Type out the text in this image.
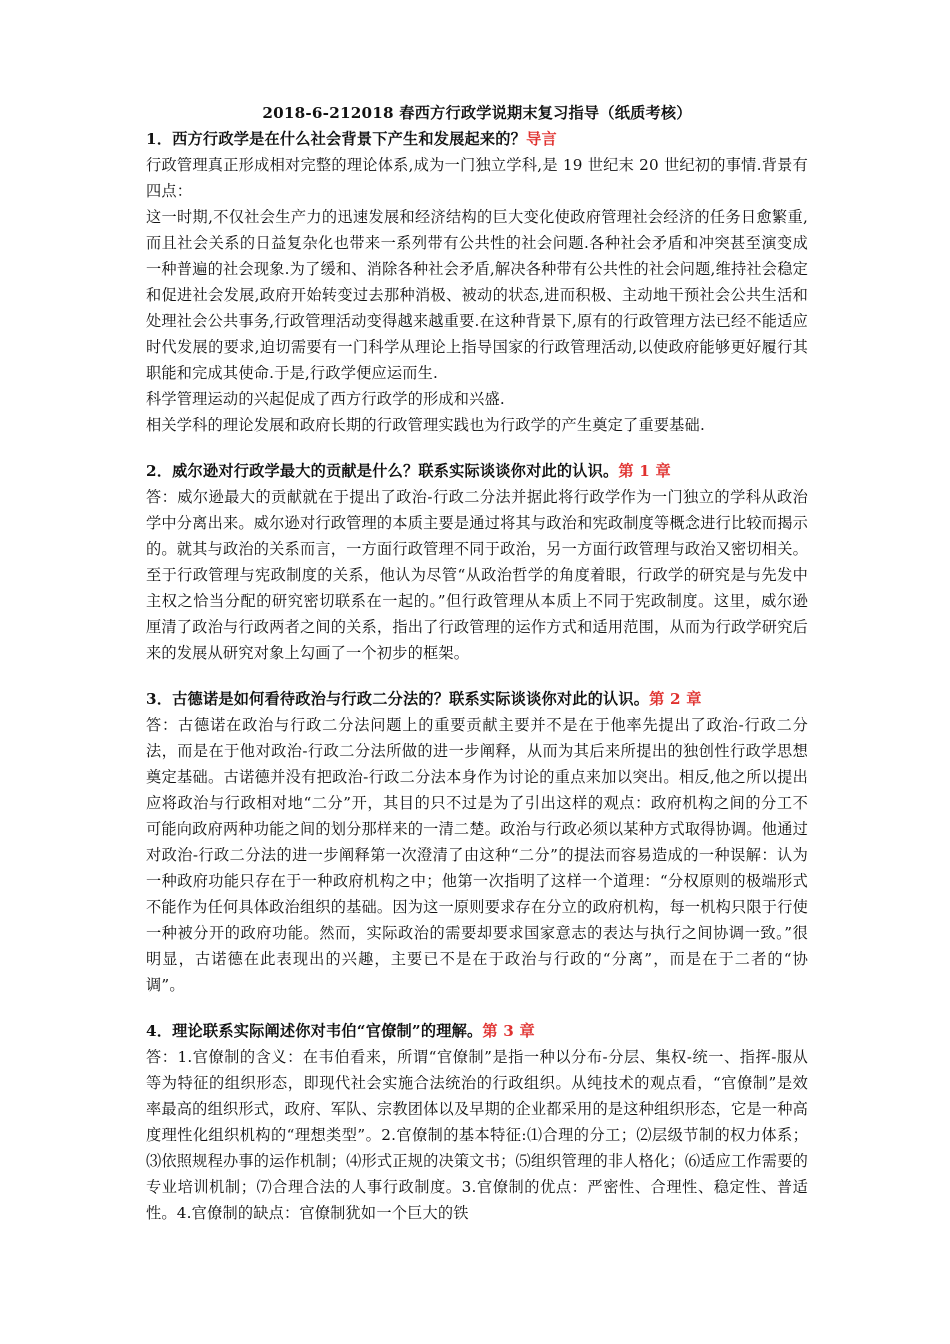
2018-6-212018 春西方行政学说期末复习指导（纸质考核）

1．西方行政学是在什么社会背景下产生和发展起来的？导言

行政管理真正形成相对完整的理论体系,成为一门独立学科,是 19 世纪末 20 世纪初的事情.背景有四点：

这一时期,不仅社会生产力的迅速发展和经济结构的巨大变化使政府管理社会经济的任务日愈繁重,而且社会关系的日益复杂化也带来一系列带有公共性的社会问题.各种社会矛盾和冲突甚至演变成一种普遍的社会现象.为了缓和、消除各种社会矛盾,解决各种带有公共性的社会问题,维持社会稳定和促进社会发展,政府开始转变过去那种消极、被动的状态,进而积极、主动地干预社会公共生活和处理社会公共事务,行政管理活动变得越来越重要.在这种背景下,原有的行政管理方法已经不能适应时代发展的要求,迫切需要有一门科学从理论上指导国家的行政管理活动,以使政府能够更好履行其职能和完成其使命.于是,行政学便应运而生.

科学管理运动的兴起促成了西方行政学的形成和兴盛.

相关学科的理论发展和政府长期的行政管理实践也为行政学的产生奠定了重要基础.

2．威尔逊对行政学最大的贡献是什么？联系实际谈谈你对此的认识。第 1 章

答：威尔逊最大的贡献就在于提出了政治-行政二分法并据此将行政学作为一门独立的学科从政治学中分离出来。威尔逊对行政管理的本质主要是通过将其与政治和宪政制度等概念进行比较而揭示的。就其与政治的关系而言，一方面行政管理不同于政治，另一方面行政管理与政治又密切相关。至于行政管理与宪政制度的关系，他认为尽管“从政治哲学的角度着眼，行政学的研究是与先发中主权之恰当分配的研究密切联系在一起的。”但行政管理从本质上不同于宪政制度。这里，威尔逊厘清了政治与行政两者之间的关系，指出了行政管理的运作方式和适用范围，从而为行政学研究后来的发展从研究对象上勾画了一个初步的框架。

3．古德诺是如何看待政治与行政二分法的？联系实际谈谈你对此的认识。第 2 章

答：古德诺在政治与行政二分法问题上的重要贡献主要并不是在于他率先提出了政治-行政二分法，而是在于他对政治-行政二分法所做的进一步阐释，从而为其后来所提出的独创性行政学思想奠定基础。古诺德并没有把政治-行政二分法本身作为讨论的重点来加以突出。相反,他之所以提出应将政治与行政相对地“二分”开，其目的只不过是为了引出这样的观点：政府机构之间的分工不可能向政府两种功能之间的划分那样来的一清二楚。政治与行政必须以某种方式取得协调。他通过对政治-行政二分法的进一步阐释第一次澄清了由这种“二分”的提法而容易造成的一种误解：认为一种政府功能只存在于一种政府机构之中；他第一次指明了这样一个道理：“分权原则的极端形式不能作为任何具体政治组织的基础。因为这一原则要求存在分立的政府机构，每一机构只限于行使一种被分开的政府功能。然而，实际政治的需要却要求国家意志的表达与执行之间协调一致。”很明显，古诺德在此表现出的兴趣，主要已不是在于政治与行政的“分离”，而是在于二者的“协调”。

4．理论联系实际阐述你对韦伯“官僚制”的理解。第 3 章

答：1.官僚制的含义：在韦伯看来，所谓“官僚制”是指一种以分布-分层、集权-统一、指挥-服从等为特征的组织形态，即现代社会实施合法统治的行政组织。从纯技术的观点看，“官僚制”是效率最高的组织形式，政府、军队、宗教团体以及早期的企业都采用的是这种组织形态，它是一种高度理性化组织机构的“理想类型”。2.官僚制的基本特征:⑴合理的分工；⑵层级节制的权力体系；⑶依照规程办事的运作机制；⑷形式正规的决策文书；⑸组织管理的非人格化；⑹适应工作需要的专业培训机制；⑺合理合法的人事行政制度。3.官僚制的优点：严密性、合理性、稳定性、普适性。4.官僚制的缺点：官僚制犹如一个巨大的铁
